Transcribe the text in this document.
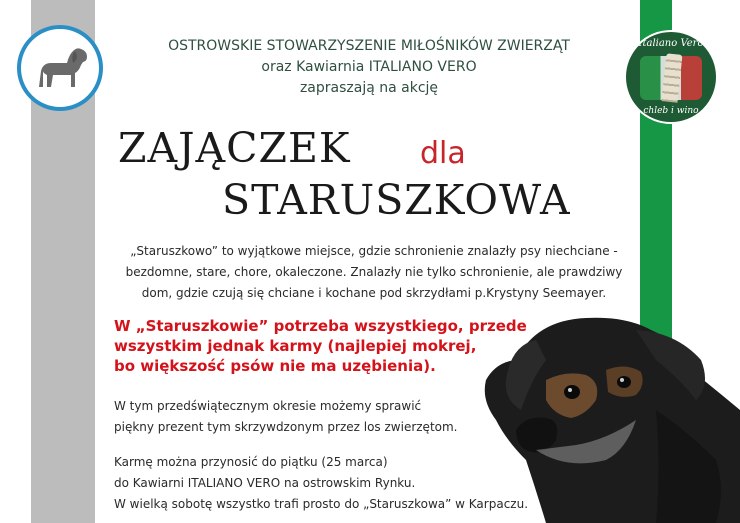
Italiano Vero
chleb i wino
OSTROWSKIE STOWARZYSZENIE MIŁOŚNIKÓW ZWIERZĄT
oraz Kawiarnia ITALIANO VERO
zapraszają na akcję
ZAJĄCZEK dla
STARUSZKOWA
„Staruszkowo” to wyjątkowe miejsce, gdzie schronienie znalazły psy niechciane -
bezdomne, stare, chore, okaleczone. Znalazły nie tylko schronienie, ale prawdziwy
dom, gdzie czują się chciane i kochane pod skrzydłami p.Krystyny Seemayer.
W „Staruszkowie” potrzeba wszystkiego, przede
wszystkim jednak karmy (najlepiej mokrej,
bo większość psów nie ma uzębienia).
W tym przedświątecznym okresie możemy sprawić
piękny prezent tym skrzywdzonym przez los zwierzętom.
Karmę można przynosić do piątku (25 marca)
do Kawiarni ITALIANO VERO na ostrowskim Rynku.
W wielką sobotę wszystko trafi prosto do „Staruszkowa” w Karpaczu.
